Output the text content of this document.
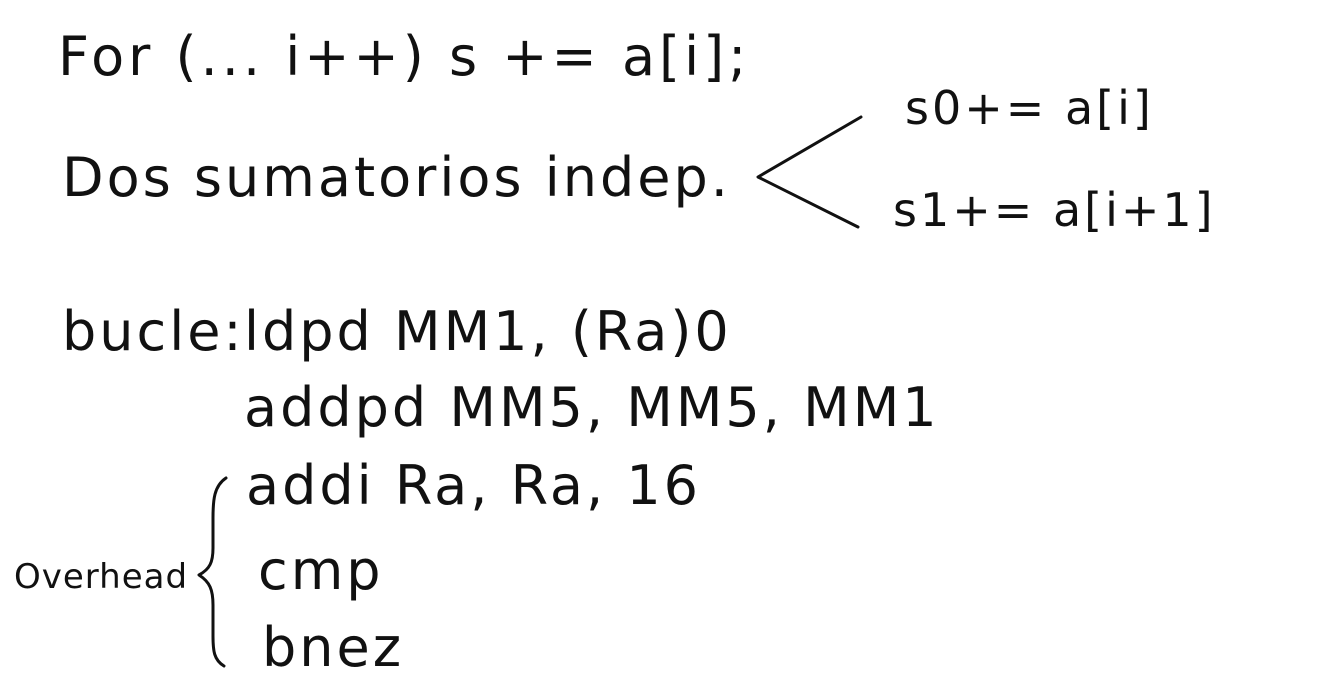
For (... i++) s += a[i];
Dos sumatorios indep.
s0+= a[i]
s1+= a[i+1]
bucle: ldpd MM1, (Ra)0
addpd MM5, MM5, MM1
addi Ra, Ra, 16
cmp
bnez
Overhead
